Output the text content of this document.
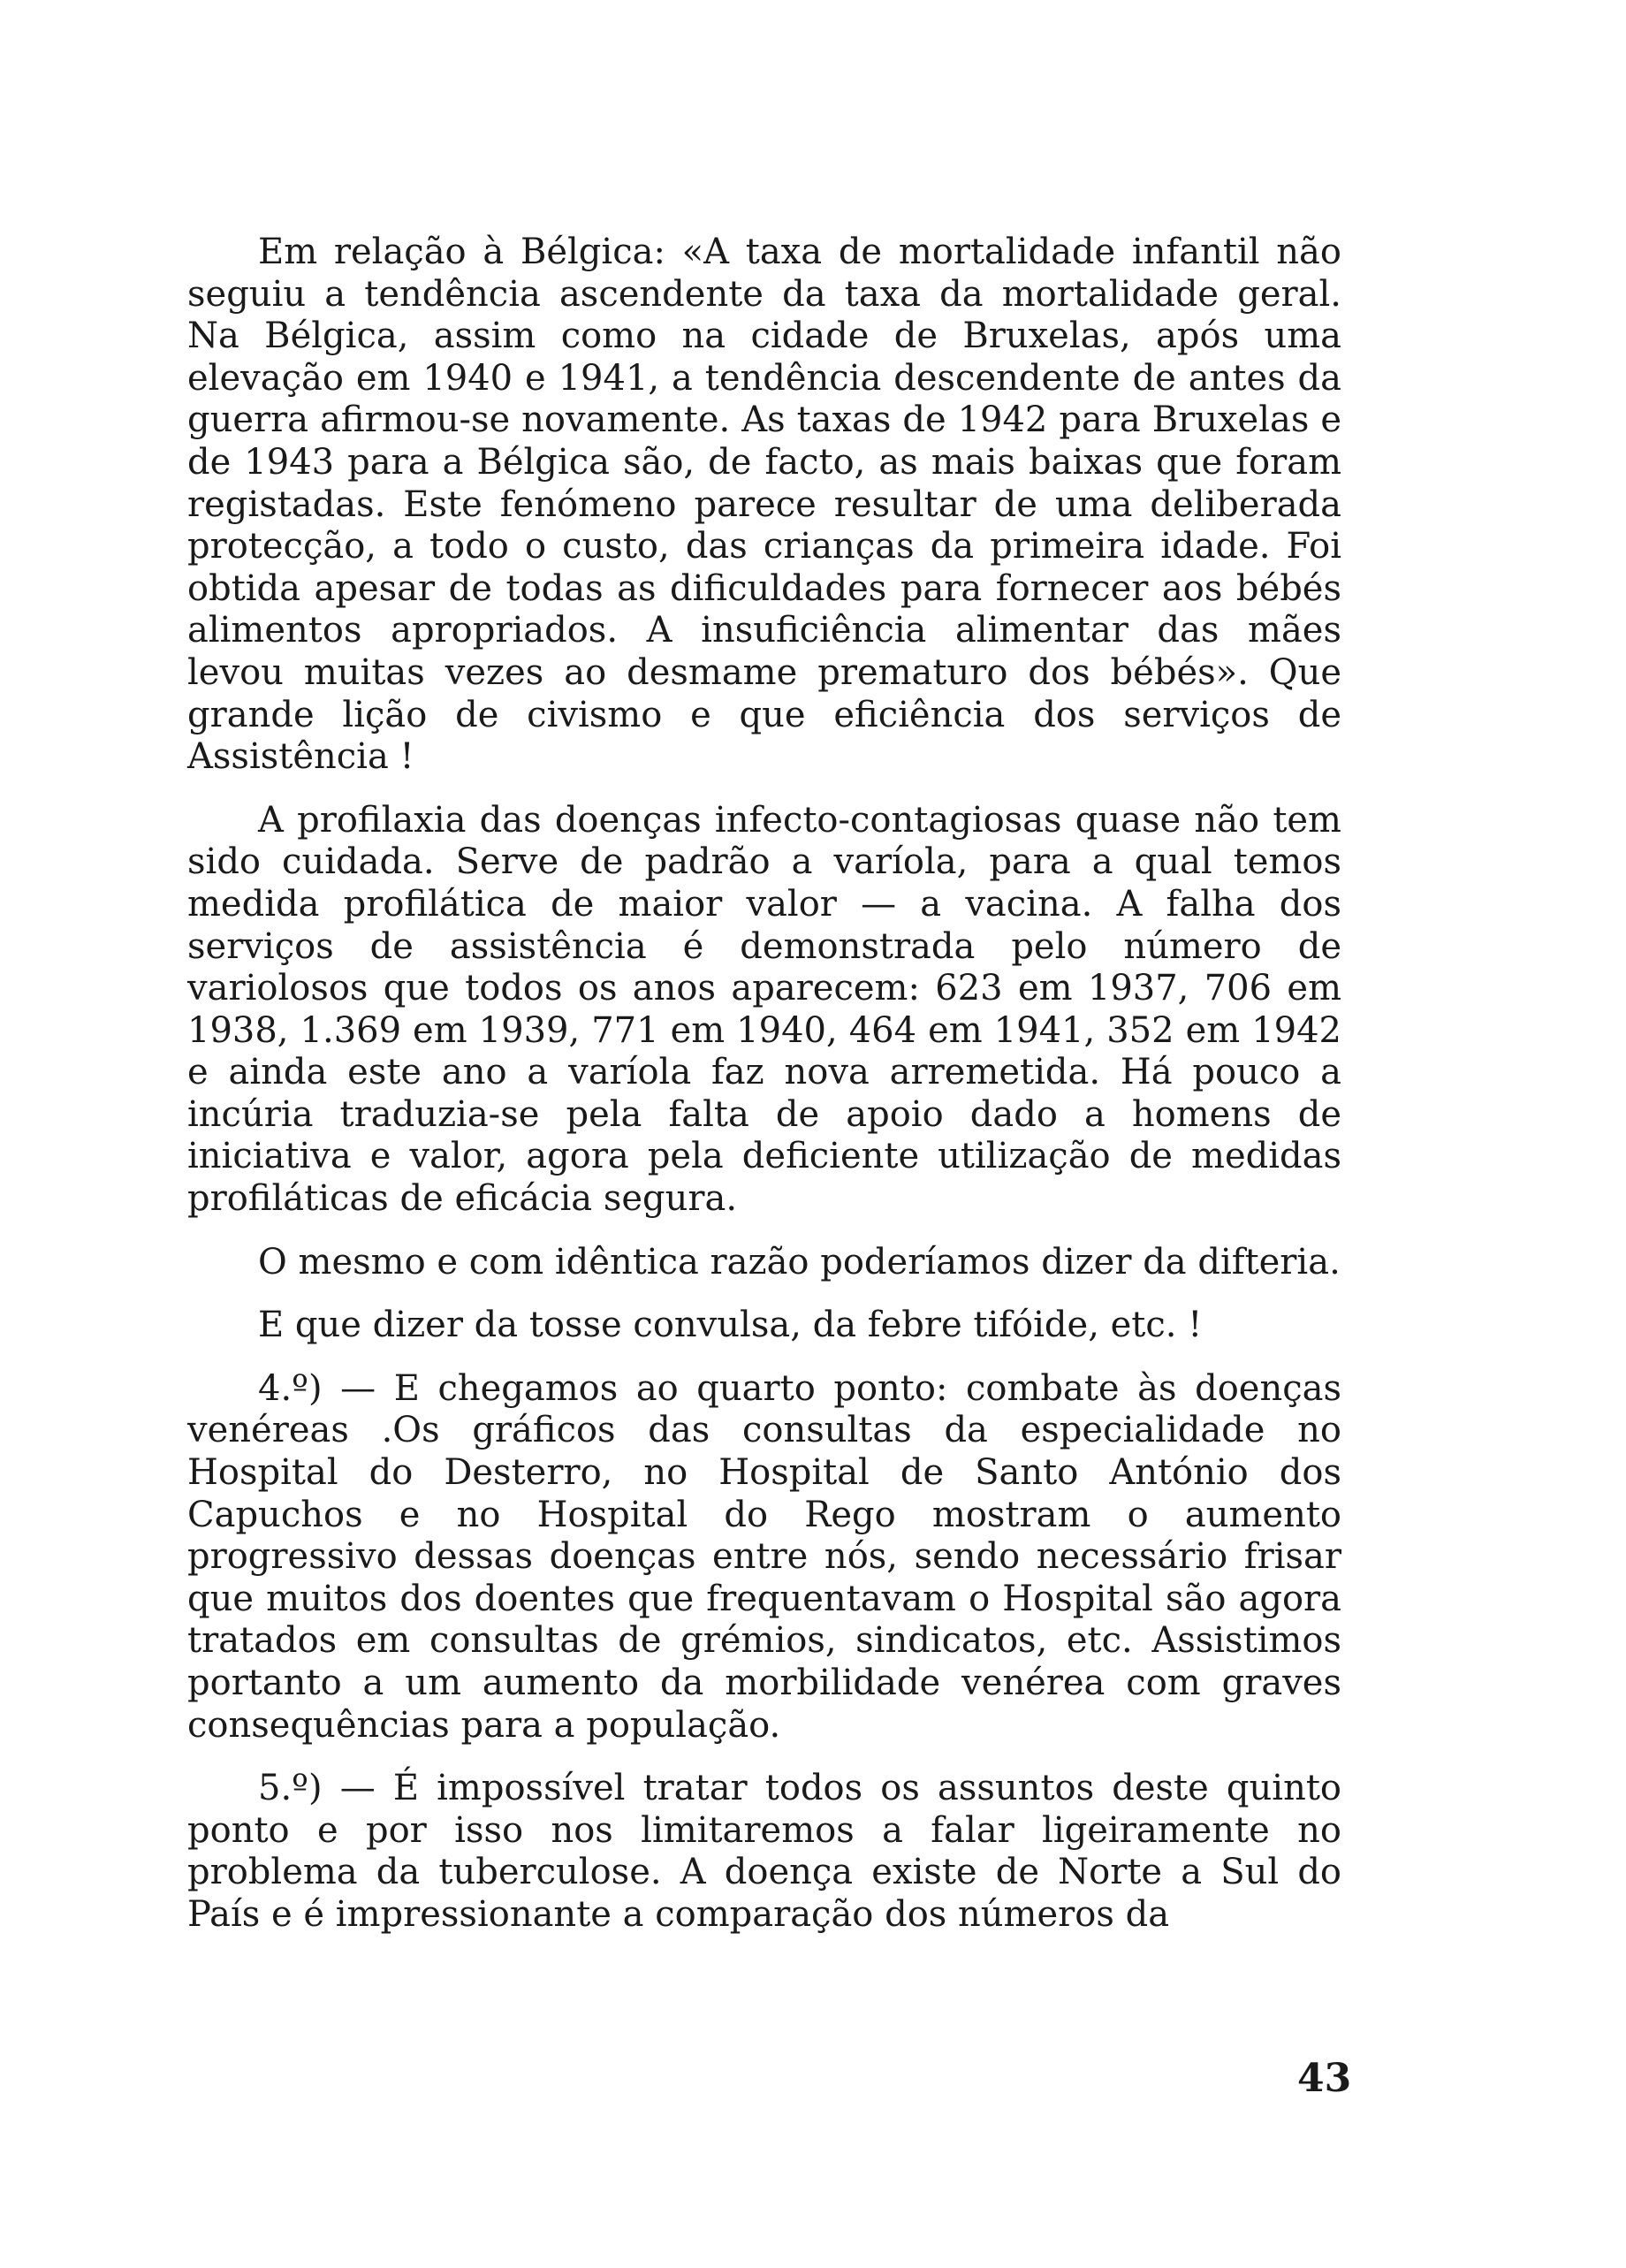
Em relação à Bélgica: «A taxa de mortalidade infantil não seguiu a tendência ascendente da taxa da mortalidade geral. Na Bélgica, assim como na cidade de Bruxelas, após uma elevação em 1940 e 1941, a tendência descendente de antes da guerra afirmou-se novamente. As taxas de 1942 para Bruxelas e de 1943 para a Bélgica são, de facto, as mais baixas que foram registadas. Este fenómeno parece resultar de uma deliberada protecção, a todo o custo, das crianças da primeira idade. Foi obtida apesar de todas as dificuldades para fornecer aos bébés alimentos apropriados. A insuficiência alimentar das mães levou muitas vezes ao desmame prematuro dos bébés». Que grande lição de civismo e que eficiência dos serviços de Assistência !

A profilaxia das doenças infecto-contagiosas quase não tem sido cuidada. Serve de padrão a varíola, para a qual temos medida profilática de maior valor — a vacina. A falha dos serviços de assistência é demonstrada pelo número de variolosos que todos os anos aparecem: 623 em 1937, 706 em 1938, 1.369 em 1939, 771 em 1940, 464 em 1941, 352 em 1942 e ainda este ano a varíola faz nova arremetida. Há pouco a incúria traduzia-se pela falta de apoio dado a homens de iniciativa e valor, agora pela deficiente utilização de medidas profiláticas de eficácia segura.

O mesmo e com idêntica razão poderíamos dizer da difteria.

E que dizer da tosse convulsa, da febre tifóide, etc. !

4.º) — E chegamos ao quarto ponto: combate às doenças venéreas .Os gráficos das consultas da especialidade no Hospital do Desterro, no Hospital de Santo António dos Capuchos e no Hospital do Rego mostram o aumento progressivo dessas doenças entre nós, sendo necessário frisar que muitos dos doentes que frequentavam o Hospital são agora tratados em consultas de grémios, sindicatos, etc. Assistimos portanto a um aumento da morbilidade venérea com graves consequências para a população.

5.º) — É impossível tratar todos os assuntos deste quinto ponto e por isso nos limitaremos a falar ligeiramente no problema da tuberculose. A doença existe de Norte a Sul do País e é impressionante a comparação dos números da

43
